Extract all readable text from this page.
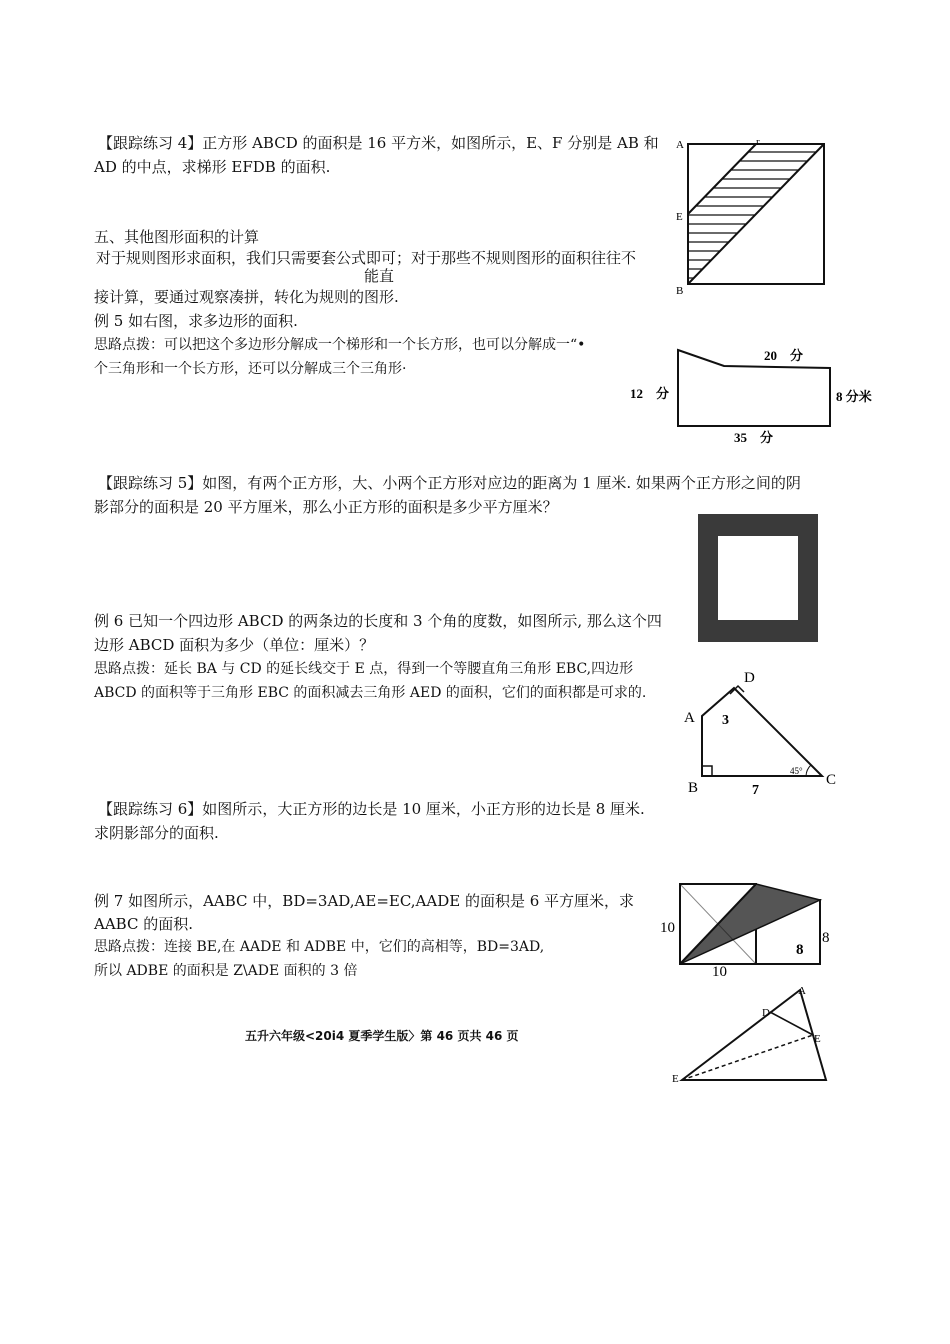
【跟踪练习 4】正方形 ABCD 的面积是 16 平方米，如图所示，E、F 分别是 AB 和
AD 的中点，求梯形 EFDB 的面积.
五、其他图形面积的计算
对于规则图形求面积，我们只需要套公式即可；对于那些不规则图形的面积往往不
能直
接计算，要通过观察凑拼，转化为规则的图形.
例 5 如右图，求多边形的面积.
思路点拨：可以把这个多边形分解成一个梯形和一个长方形，也可以分解成一“•
个三角形和一个长方形，还可以分解成三个三角形·
【跟踪练习 5】如图，有两个正方形，大、小两个正方形对应边的距离为 1 厘米. 如果两个正方形之间的阴
影部分的面积是 20 平方厘米，那么小正方形的面积是多少平方厘米？
例 6 已知一个四边形 ABCD 的两条边的长度和 3 个角的度数，如图所示, 那么这个四
边形 ABCD 面积为多少（单位：厘米）？
思路点拨：延长 BA 与 CD 的延长线交于 E 点，得到一个等腰直角三角形 EBC,四边形
ABCD 的面积等于三角形 EBC 的面积减去三角形 AED 的面积，它们的面积都是可求的.
【跟踪练习 6】如图所示，大正方形的边长是 10 厘米，小正方形的边长是 8 厘米.
求阴影部分的面积.
例 7 如图所示，AABC 中，BD=3AD,AE=EC,AADE 的面积是 6 平方厘米，求
AABC 的面积.
思路点拨：连接 BE,在 AADE 和 ADBE 中，它们的高相等，BD=3AD,
所以 ADBE 的面积是 Z\ADE 面积的 3 倍
五升六年级<20i4 夏季学生版〉第 46 页共 46 页
A	r
E
B
20　分
12　分	8 分米
35　分
D
A 3
B	7
45°
C
10
10
8
8
A
D
E
E
